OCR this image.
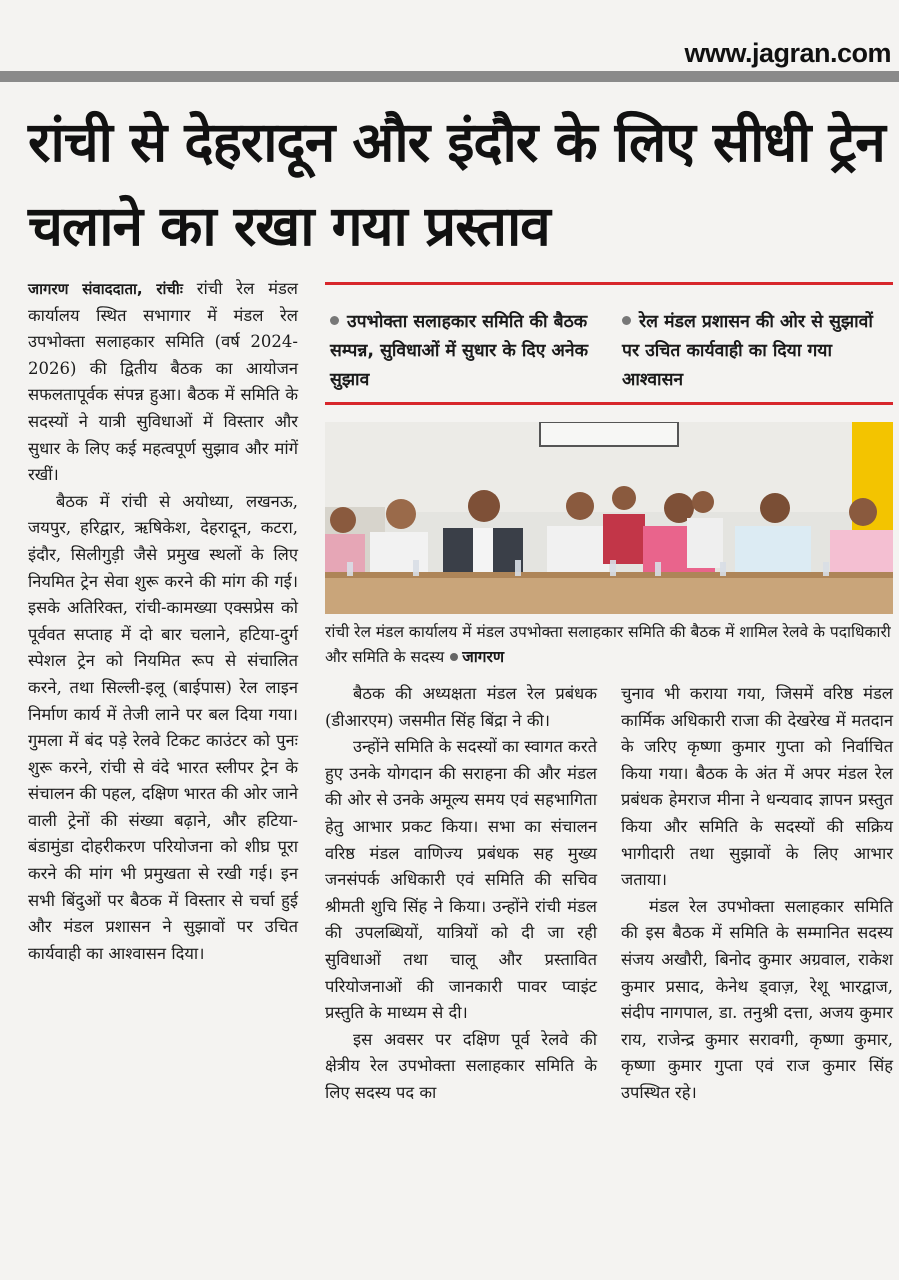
www.jagran.com
रांची से देहरादून और इंदौर के लिए सीधी ट्रेन चलाने का रखा गया प्रस्ताव

जागरण संवाददाता, रांचीः रांची रेल मंडल कार्यालय स्थित सभागार में मंडल रेल उपभोक्ता सलाहकार समिति (वर्ष 2024-2026) की द्वितीय बैठक का आयोजन सफलतापूर्वक संपन्न हुआ। बैठक में समिति के सदस्यों ने यात्री सुविधाओं में विस्तार और सुधार के लिए कई महत्वपूर्ण सुझाव और मांगें रखीं।

बैठक में रांची से अयोध्या, लखनऊ, जयपुर, हरिद्वार, ऋषिकेश, देहरादून, कटरा, इंदौर, सिलीगुड़ी जैसे प्रमुख स्थलों के लिए नियमित ट्रेन सेवा शुरू करने की मांग की गई। इसके अतिरिक्त, रांची-कामख्या एक्सप्रेस को पूर्ववत सप्ताह में दो बार चलाने, हटिया-दुर्ग स्पेशल ट्रेन को नियमित रूप से संचालित करने, तथा सिल्ली-इलू (बाईपास) रेल लाइन निर्माण कार्य में तेजी लाने पर बल दिया गया। गुमला में बंद पड़े रेलवे टिकट काउंटर को पुनः शुरू करने, रांची से वंदे भारत स्लीपर ट्रेन के संचालन की पहल, दक्षिण भारत की ओर जाने वाली ट्रेनों की संख्या बढ़ाने, और हटिया-बंडामुंडा दोहरीकरण परियोजना को शीघ्र पूरा करने की मांग भी प्रमुखता से रखी गई। इन सभी बिंदुओं पर बैठक में विस्तार से चर्चा हुई और मंडल प्रशासन ने सुझावों पर उचित कार्यवाही का आश्वासन दिया।

उपभोक्ता सलाहकार समिति की बैठक सम्पन्न, सुविधाओं में सुधार के दिए अनेक सुझाव
रेल मंडल प्रशासन की ओर से सुझावों पर उचित कार्यवाही का दिया गया आश्वासन
रांची रेल मंडल कार्यालय में मंडल उपभोक्ता सलाहकार समिति की बैठक में शामिल रेलवे के पदाधिकारी और समिति के सदस्य जागरण

बैठक की अध्यक्षता मंडल रेल प्रबंधक (डीआरएम) जसमीत सिंह बिंद्रा ने की।

उन्होंने समिति के सदस्यों का स्वागत करते हुए उनके योगदान की सराहना की और मंडल की ओर से उनके अमूल्य समय एवं सहभागिता हेतु आभार प्रकट किया। सभा का संचालन वरिष्ठ मंडल वाणिज्य प्रबंधक सह मुख्य जनसंपर्क अधिकारी एवं समिति की सचिव श्रीमती शुचि सिंह ने किया। उन्होंने रांची मंडल की उपलब्धियों, यात्रियों को दी जा रही सुविधाओं तथा चालू और प्रस्तावित परियोजनाओं की जानकारी पावर प्वाइंट प्रस्तुति के माध्यम से दी।

इस अवसर पर दक्षिण पूर्व रेलवे की क्षेत्रीय रेल उपभोक्ता सलाहकार समिति के लिए सदस्य पद का

चुनाव भी कराया गया, जिसमें वरिष्ठ मंडल कार्मिक अधिकारी राजा की देखरेख में मतदान के जरिए कृष्णा कुमार गुप्ता को निर्वाचित किया गया। बैठक के अंत में अपर मंडल रेल प्रबंधक हेमराज मीना ने धन्यवाद ज्ञापन प्रस्तुत किया और समिति के सदस्यों की सक्रिय भागीदारी तथा सुझावों के लिए आभार जताया।

मंडल रेल उपभोक्ता सलाहकार समिति की इस बैठक में समिति के सम्मानित सदस्य संजय अखौरी, बिनोद कुमार अग्रवाल, राकेश कुमार प्रसाद, केनेथ ड्वाज़, रेशू भारद्वाज, संदीप नागपाल, डा. तनुश्री दत्ता, अजय कुमार राय, राजेन्द्र कुमार सरावगी, कृष्णा कुमार, कृष्णा कुमार गुप्ता एवं राज कुमार सिंह उपस्थित रहे।
